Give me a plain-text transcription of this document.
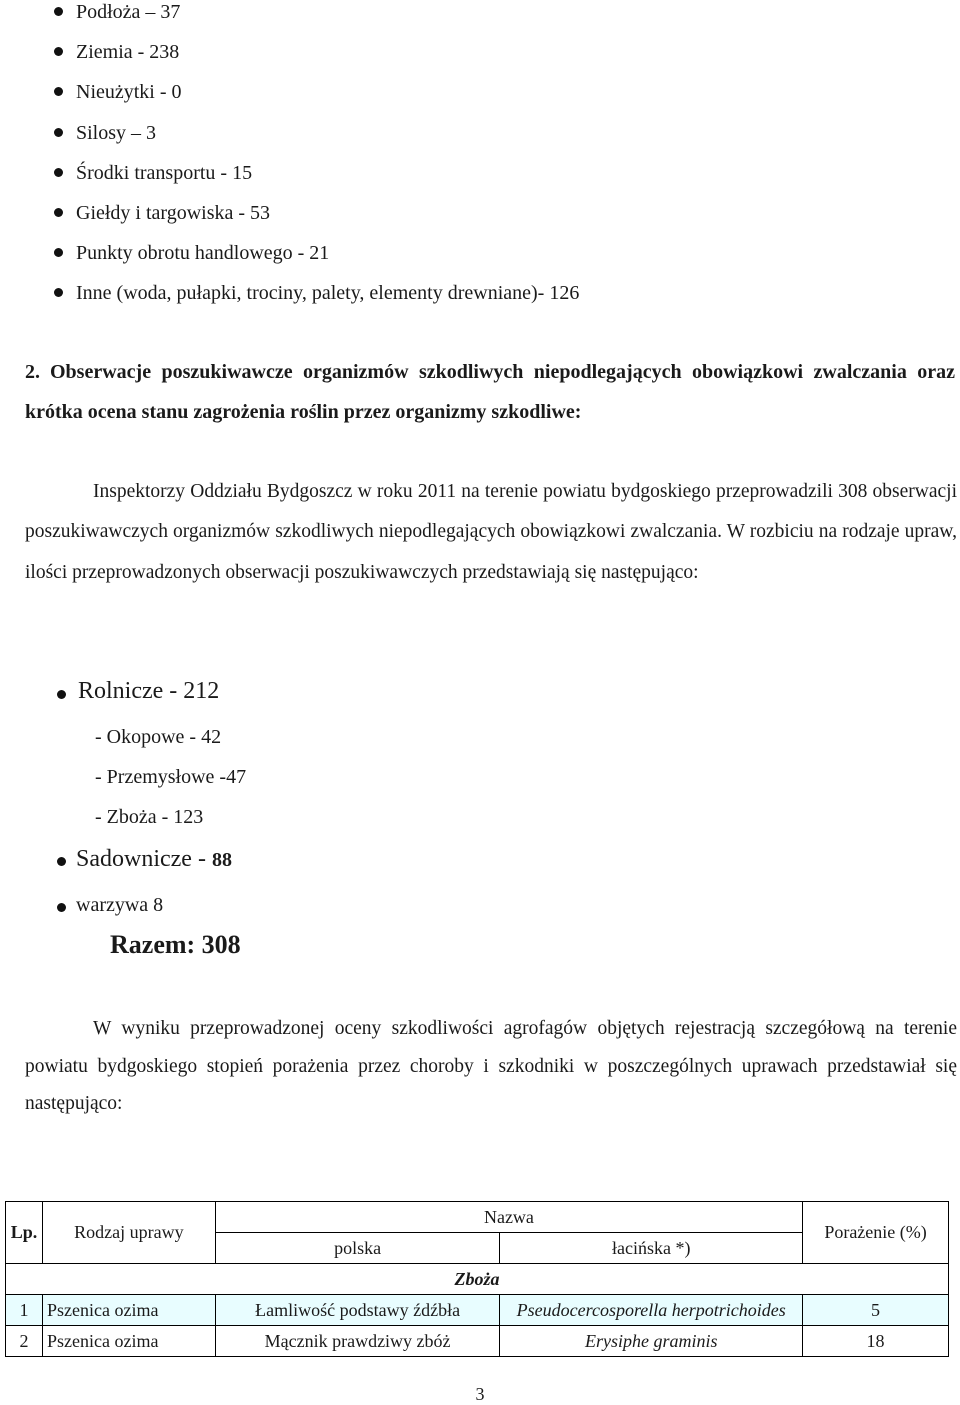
Podłoża – 37
Ziemia - 238
Nieużytki - 0
Silosy – 3
Środki transportu - 15
Giełdy i targowiska - 53
Punkty obrotu handlowego - 21
Inne (woda, pułapki, trociny, palety, elementy drewniane)- 126
2. Obserwacje poszukiwawcze organizmów szkodliwych niepodlegających obowiązkowi zwalczania oraz krótka ocena stanu zagrożenia roślin przez organizmy szkodliwe:
Inspektorzy Oddziału Bydgoszcz w roku 2011 na terenie powiatu bydgoskiego przeprowadzili 308 obserwacji poszukiwawczych organizmów szkodliwych niepodlegających obowiązkowi zwalczania. W rozbiciu na rodzaje upraw, ilości przeprowadzonych obserwacji poszukiwawczych przedstawiają się następująco:
Rolnicze - 212
- Okopowe - 42
- Przemysłowe -47
- Zboża - 123
Sadownicze - 88
warzywa 8
Razem: 308
W wyniku przeprowadzonej oceny szkodliwości agrofagów objętych rejestracją szczegółową na terenie powiatu bydgoskiego stopień porażenia przez choroby i szkodniki w poszczególnych uprawach przedstawiał się następująco:
Lp.	Rodzaj uprawy	Nazwa		Porażenie (%)
		polska	łacińska *)	
Zboża				
1	Pszenica ozima	Łamliwość podstawy źdźbła	Pseudocercosporella herpotrichoides	5
2	Pszenica ozima	Mącznik prawdziwy zbóż	Erysiphe graminis	18
3
